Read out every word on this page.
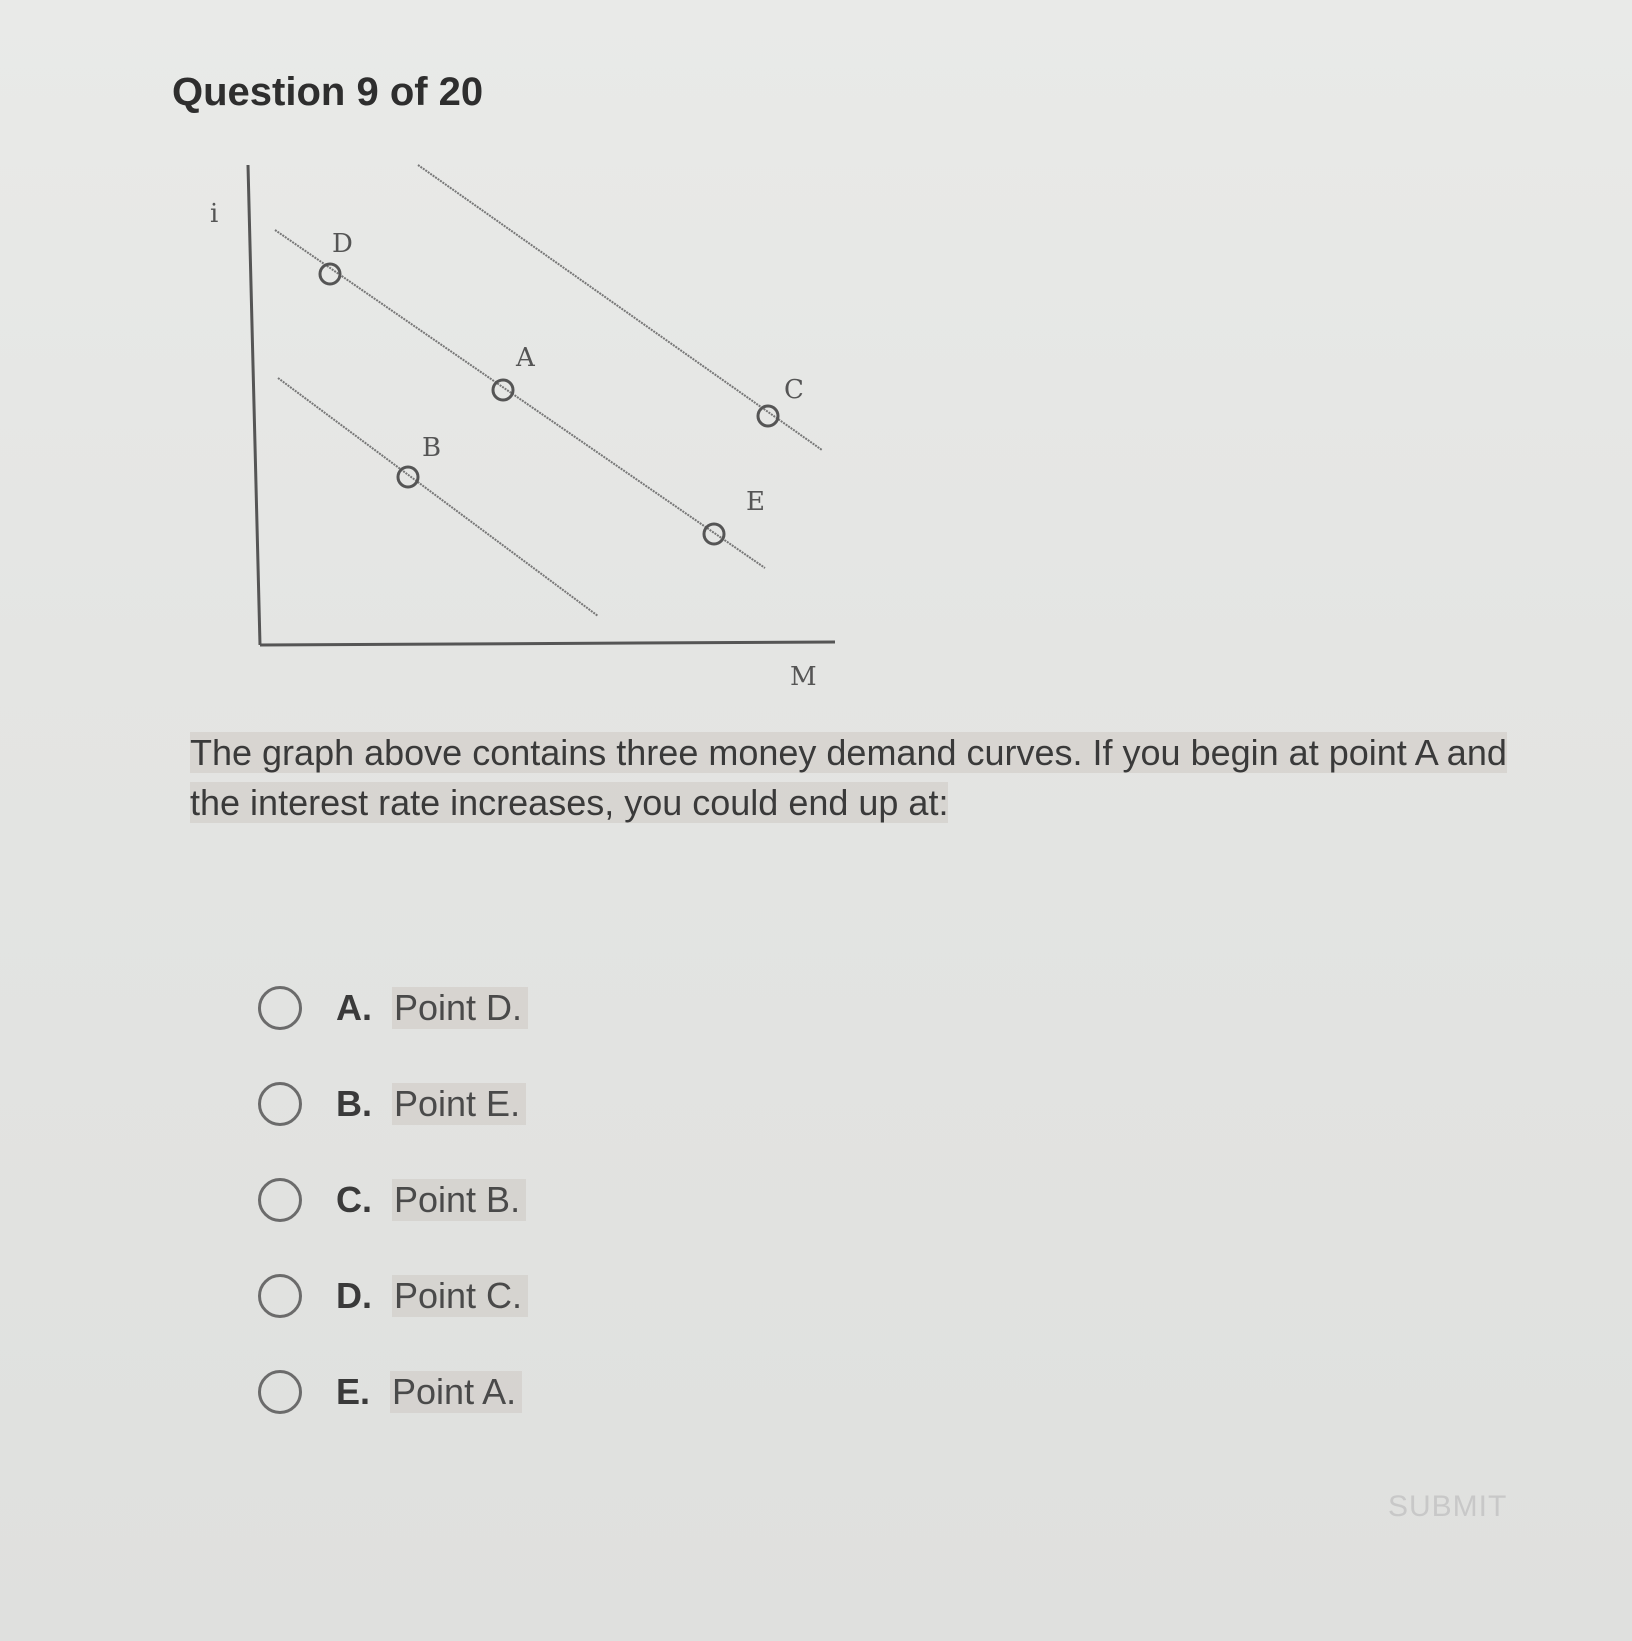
Question 9 of 20
i
M
D
A
E
C
B
The graph above contains three money demand curves. If you begin at point A and the interest rate increases, you could end up at:
A. Point D.
B. Point E.
C. Point B.
D. Point C.
E. Point A.
SUBMIT
